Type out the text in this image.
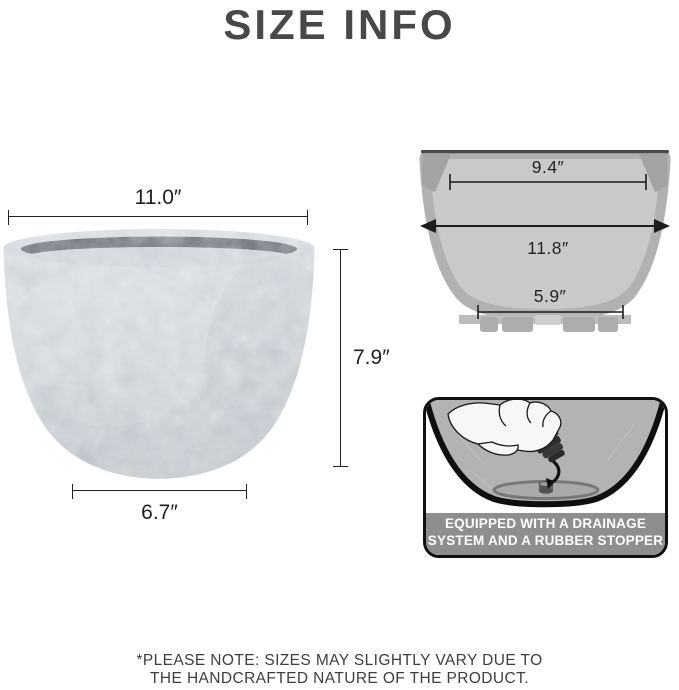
SIZE INFO
11.0″
7.9″
6.7″
9.4″
11.8″
5.9″
EQUIPPED WITH A DRAINAGE
SYSTEM AND A RUBBER STOPPER
*PLEASE NOTE: SIZES MAY SLIGHTLY VARY DUE TO
THE HANDCRAFTED NATURE OF THE PRODUCT.
